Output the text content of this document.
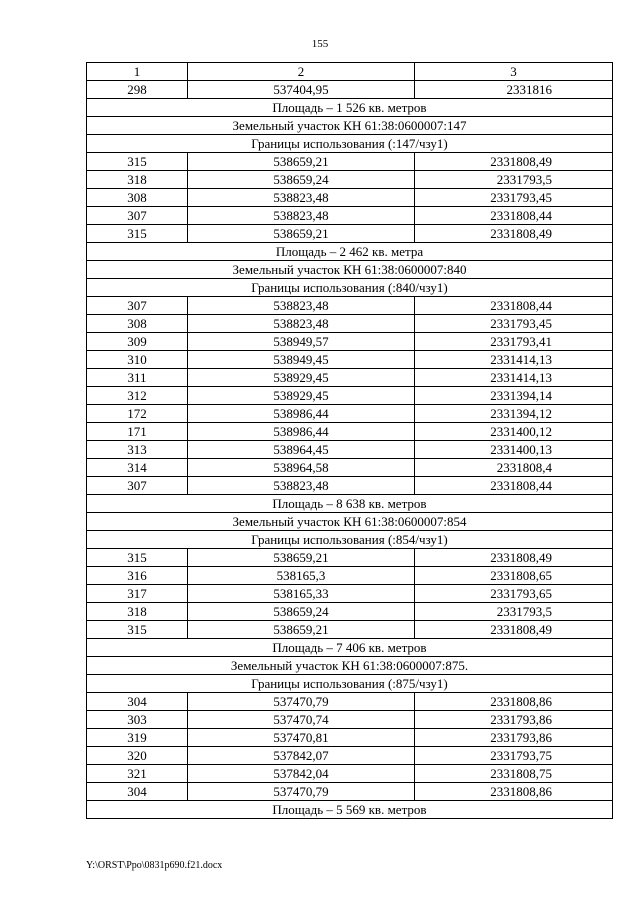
155
1	2	3
298	537404,95	2331816
Площадь – 1 526 кв. метров		
Земельный участок КН 61:38:0600007:147		
Границы использования (:147/чзу1)		
315	538659,21	2331808,49
318	538659,24	2331793,5
308	538823,48	2331793,45
307	538823,48	2331808,44
315	538659,21	2331808,49
Площадь – 2 462 кв. метра		
Земельный участок КН 61:38:0600007:840		
Границы использования (:840/чзу1)		
307	538823,48	2331808,44
308	538823,48	2331793,45
309	538949,57	2331793,41
310	538949,45	2331414,13
311	538929,45	2331414,13
312	538929,45	2331394,14
172	538986,44	2331394,12
171	538986,44	2331400,12
313	538964,45	2331400,13
314	538964,58	2331808,4
307	538823,48	2331808,44
Площадь – 8 638 кв. метров		
Земельный участок КН 61:38:0600007:854		
Границы использования (:854/чзу1)		
315	538659,21	2331808,49
316	538165,3	2331808,65
317	538165,33	2331793,65
318	538659,24	2331793,5
315	538659,21	2331808,49
Площадь – 7 406 кв. метров		
Земельный участок КН 61:38:0600007:875.		
Границы использования (:875/чзу1)		
304	537470,79	2331808,86
303	537470,74	2331793,86
319	537470,81	2331793,86
320	537842,07	2331793,75
321	537842,04	2331808,75
304	537470,79	2331808,86
Площадь – 5 569 кв. метров		
Y:\ORST\Ppo\0831p690.f21.docx
